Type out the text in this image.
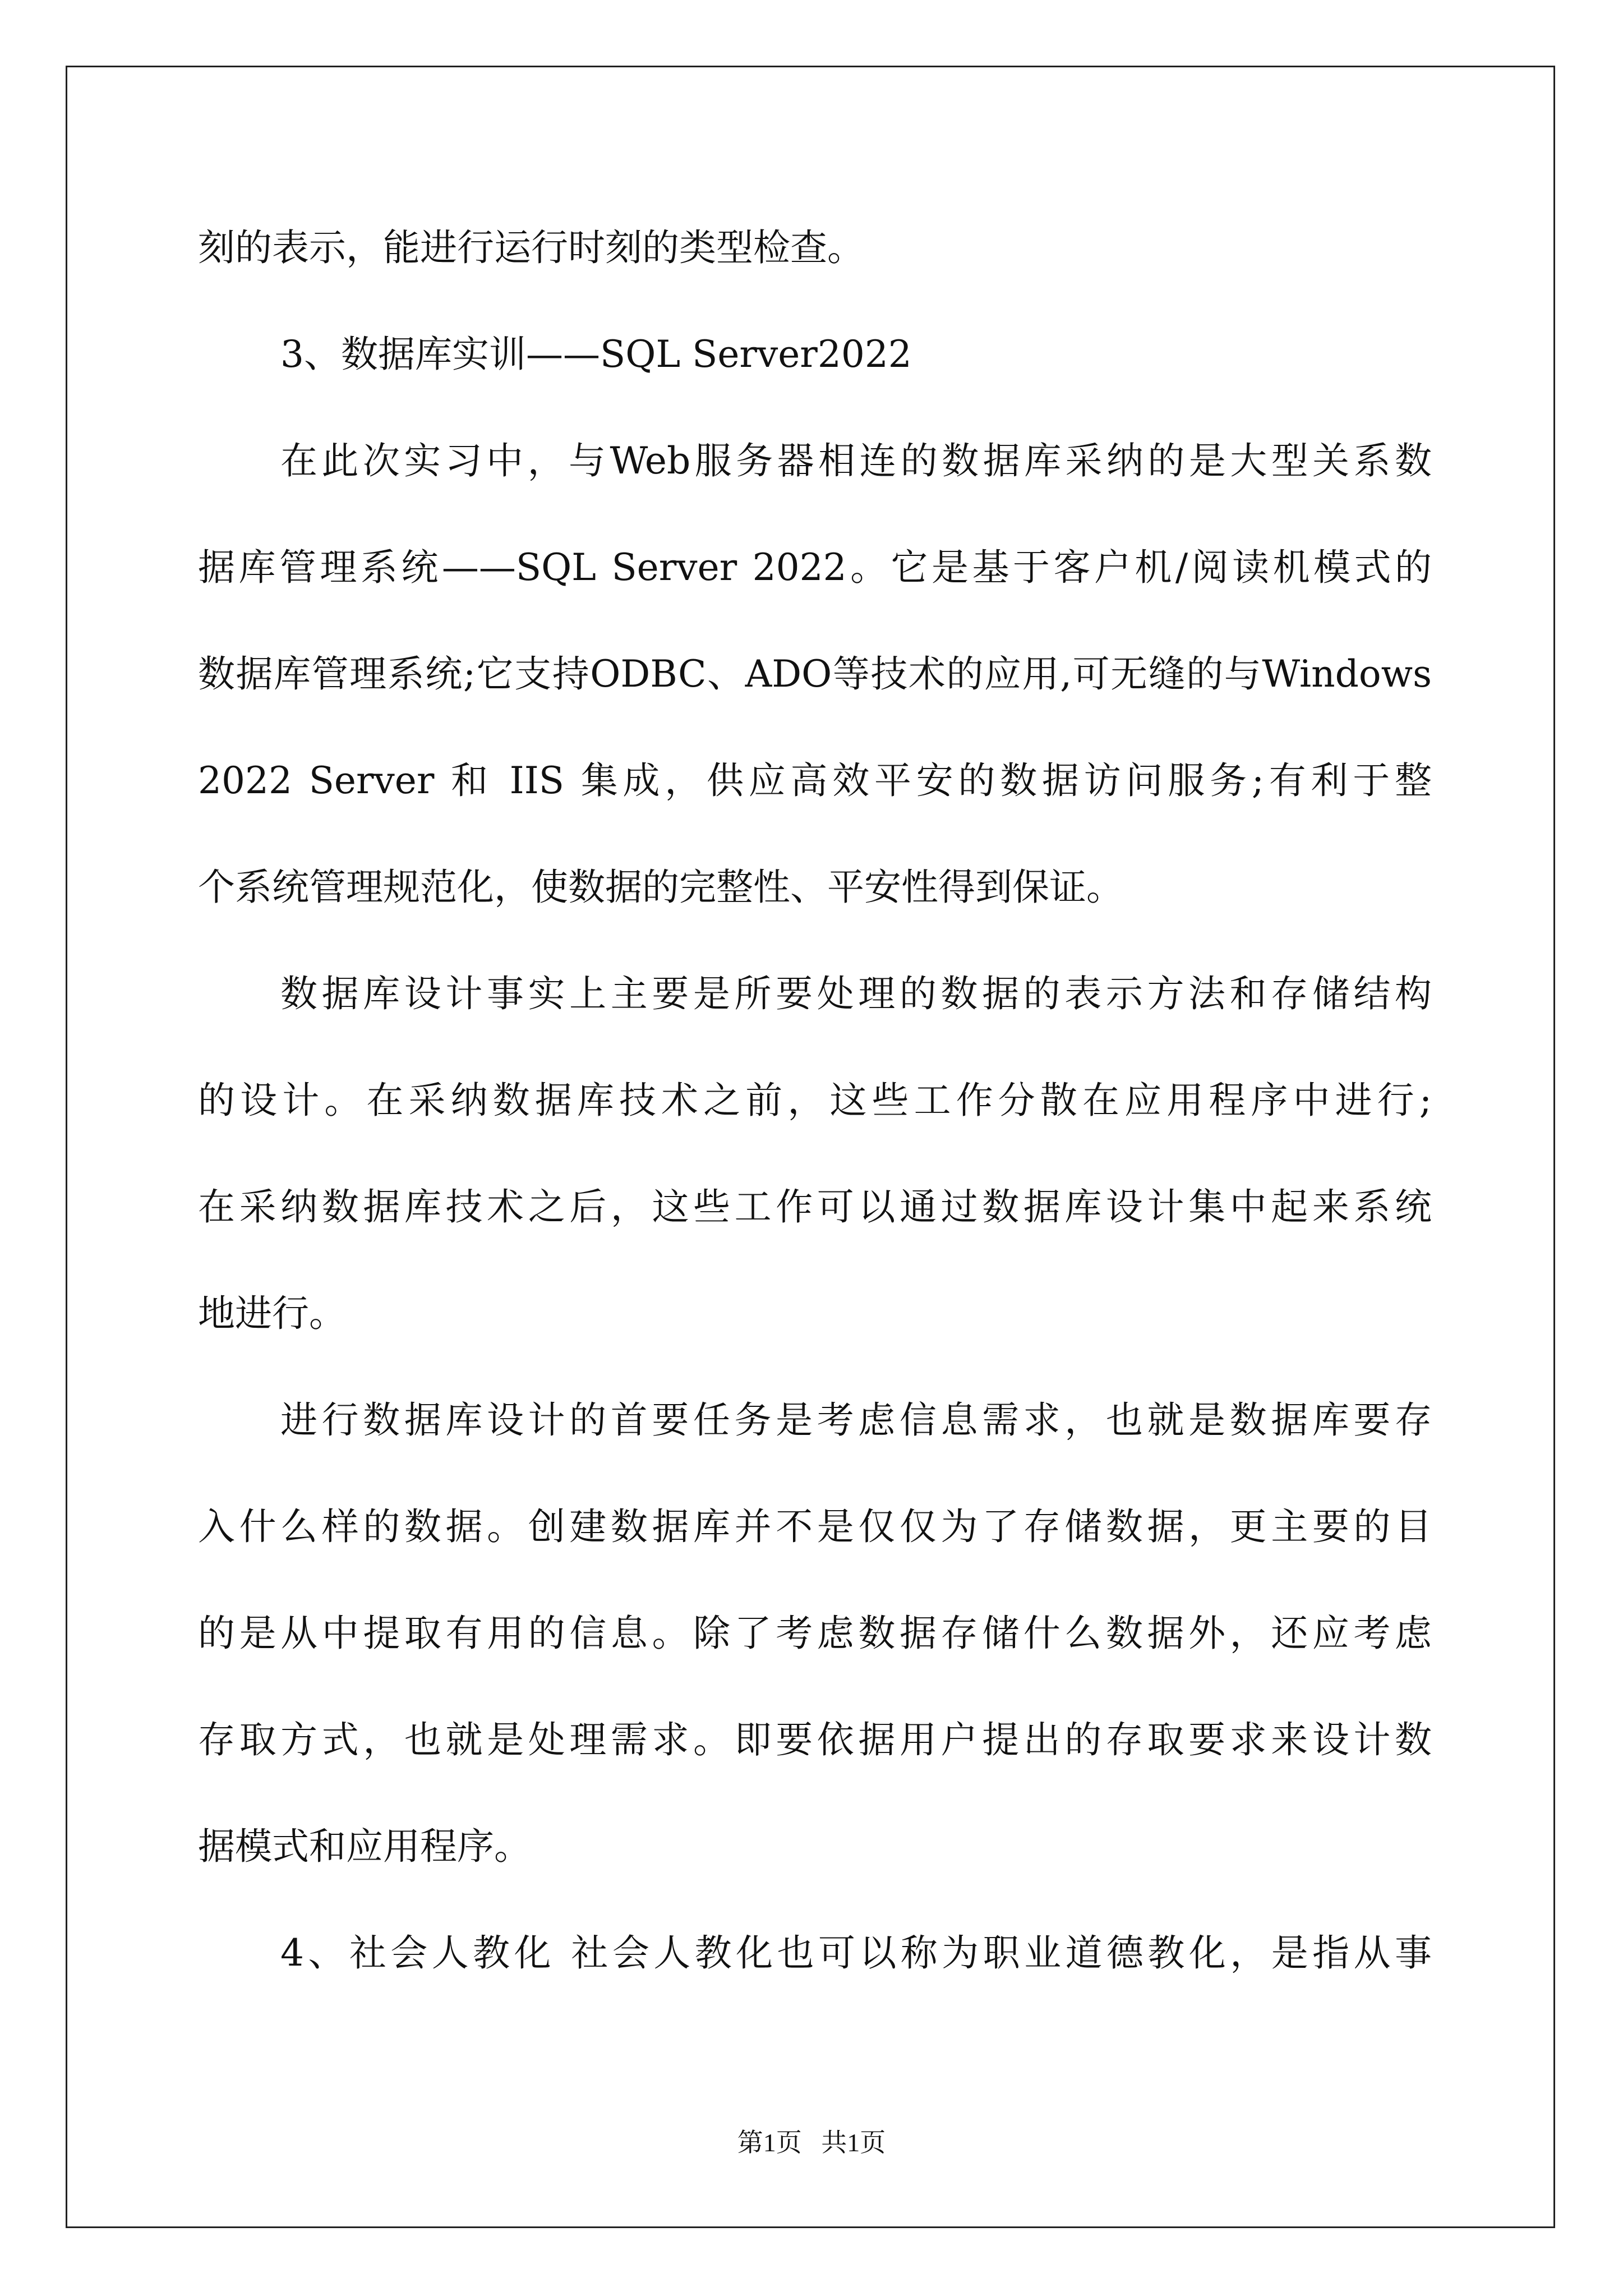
刻的表示，能进行运行时刻的类型检查。
3、数据库实训——SQL Server2022
在此次实习中，与Web服务器相连的数据库采纳的是大型关系数
据库管理系统——SQL Server 2022。它是基于客户机/阅读机模式的
数据库管理系统;它支持ODBC、ADO等技术的应用,可无缝的与Windows
2022 Server 和 IIS 集成，供应高效平安的数据访问服务;有利于整
个系统管理规范化，使数据的完整性、平安性得到保证。
数据库设计事实上主要是所要处理的数据的表示方法和存储结构
的设计。在采纳数据库技术之前，这些工作分散在应用程序中进行;
在采纳数据库技术之后，这些工作可以通过数据库设计集中起来系统
地进行。
进行数据库设计的首要任务是考虑信息需求，也就是数据库要存
入什么样的数据。创建数据库并不是仅仅为了存储数据，更主要的目
的是从中提取有用的信息。除了考虑数据存储什么数据外，还应考虑
存取方式，也就是处理需求。即要依据用户提出的存取要求来设计数
据模式和应用程序。
4、社会人教化 社会人教化也可以称为职业道德教化，是指从事
第1页   共1页
